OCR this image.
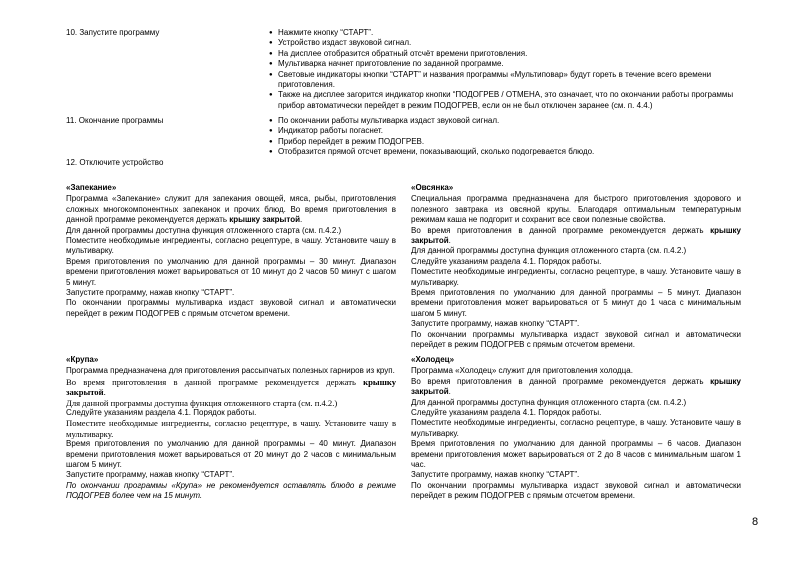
10. Запустите программу	● Нажмите кнопку “СТАРТ”.
● Устройство издаст звуковой сигнал.
● На дисплее отобразится обратный отсчёт времени приготовления.
● Мультиварка начнет приготовление по заданной программе.
● Световые индикаторы кнопки “СТАРТ” и названия программы «Мультиповар» будут гореть в течение всего времени приготовления.
● Также на дисплее загорится индикатор кнопки “ПОДОГРЕВ / ОТМЕНА, это означает, что по окончании работы программы прибор автоматически перейдет в режим ПОДОГРЕВ, если он не был отключен заранее (см. п. 4.4.)
11. Окончание программы	● По окончании работы мультиварка издаст звуковой сигнал.
● Индикатор работы погаснет.
● Прибор перейдет в режим ПОДОГРЕВ.
● Отобразится прямой отсчет времени, показывающий, сколько подогревается блюдо.
12. Отключите устройство

«Запекание»

Программа «Запекание» служит для запекания овощей, мяса, рыбы, приготовления сложных многокомпонентных запеканок и прочих блюд. Во время приготовления в данной программе рекомендуется держать крышку закрытой.

Для данной программы доступна функция отложенного старта (см. п.4.2.)

Поместите необходимые ингредиенты, согласно рецептуре, в чашу. Установите чашу в мультиварку.

Время приготовления по умолчанию для данной программы – 30 минут. Диапазон времени приготовления может варьироваться от 10 минут до 2 часов 50 минут с шагом 5 минут.

Запустите программу, нажав кнопку “СТАРТ”.

По окончании программы мультиварка издаст звуковой сигнал и автоматически перейдет в режим ПОДОГРЕВ с прямым отсчетом времени.

«Овсянка»

Специальная программа предназначена для быстрого приготовления здорового и полезного завтрака из овсяной крупы. Благодаря оптимальным температурным режимам каша не подгорит и сохранит все свои полезные свойства.

Во время приготовления в данной программе рекомендуется держать крышку закрытой.

Для данной программы доступна функция отложенного старта (см. п.4.2.)

Следуйте указаниям раздела 4.1. Порядок работы.

Поместите необходимые ингредиенты, согласно рецептуре, в чашу. Установите чашу в мультиварку.

Время приготовления по умолчанию для данной программы – 5 минут. Диапазон времени приготовления может варьироваться от 5 минут до 1 часа с минимальным шагом 5 минут.

Запустите программу, нажав кнопку “СТАРТ”.

По окончании программы мультиварка издаст звуковой сигнал и автоматически перейдет в режим ПОДОГРЕВ с прямым отсчетом времени.

«Крупа»

Программа предназначена для приготовления рассыпчатых полезных гарниров из круп.

Во время приготовления в данной программе рекомендуется держать крышку закрытой.

Для данной программы доступна функция отложенного старта (см. п.4.2.)

Следуйте указаниям раздела 4.1. Порядок работы.

Поместите необходимые ингредиенты, согласно рецептуре, в чашу. Установите чашу в мультиварку.

Время приготовления по умолчанию для данной программы – 40 минут. Диапазон времени приготовления может варьироваться от 20 минут до 2 часов с минимальным шагом 5 минут.

Запустите программу, нажав кнопку “СТАРТ”.

По окончании программы «Крупа» не рекомендуется оставлять блюдо в режиме ПОДОГРЕВ более чем на 15 минут.

«Холодец»

Программа «Холодец» служит для приготовления холодца.

Во время приготовления в данной программе рекомендуется держать крышку закрытой.

Для данной программы доступна функция отложенного старта (см. п.4.2.)

Следуйте указаниям раздела 4.1. Порядок работы.

Поместите необходимые ингредиенты, согласно рецептуре, в чашу. Установите чашу в мультиварку.

Время приготовления по умолчанию для данной программы – 6 часов. Диапазон времени приготовления может варьироваться от 2 до 8 часов с минимальным шагом 1 час.

Запустите программу, нажав кнопку “СТАРТ”.

По окончании программы мультиварка издаст звуковой сигнал и автоматически перейдет в режим ПОДОГРЕВ с прямым отсчетом времени.

8
